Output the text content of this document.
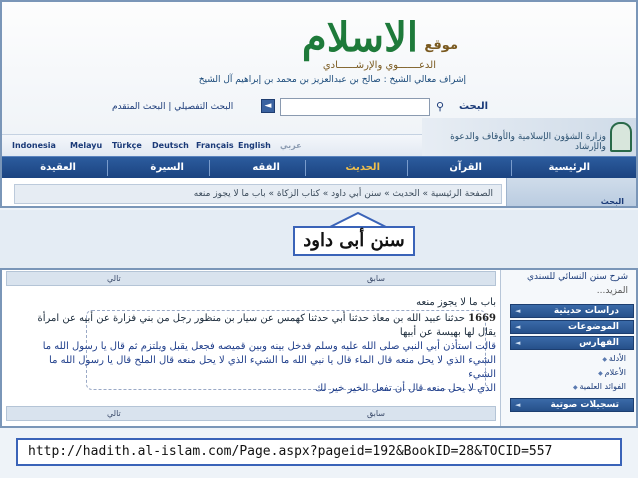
الاسلام موقع
الدعـــــــوي والإرشــــــادي
إشراف معالي الشيخ : صالح بن عبدالعزيز بن محمد بن إبراهيم آل الشيخ
البحث
⚲
◄
البحث التفصيلي | البحث المتقدم
Indonesia Melayu Türkçe Deutsch Français English عربي
وزارة الشؤون الإسلامية والأوقاف والدعوة والإرشاد
الرئيسية
القرآن
الحديث
الفقه
السيرة
العقيدة
الصفحة الرئيسية » الحديث » سنن أبي داود » كتاب الزكاة » باب ما لا يجوز منعه
البحث
سنن أبى داود
تالي	سابق
باب ما لا يجوز منعه
1669 حدثنا عبيد الله بن معاذ حدثنا أبي حدثنا كهمس عن سيار بن منظور رجل من بني فزارة عن أبيه عن امرأة يقال لها بهيسة عن أبيها
قالت استأذن أبي النبي صلى الله عليه وسلم فدخل بينه وبين قميصه فجعل يقبل ويلتزم ثم قال يا رسول الله ما
الشيء الذي لا يحل منعه قال الماء قال يا نبي الله ما الشيء الذي لا يحل منعه قال الملح قال يا رسول الله ما الشيء
الذي لا يحل منعه قال أن تفعل الخير خير لك
تالي	سابق
شرح سنن النسائي للسندي
المزيد...
◄ دراسات حديثية
◄ الموضوعات
◄ الفهارس
الأدلة ◆
الأعلام ◆
الفوائد العلمية ◆
◄ تسجيلات صوتية
http://hadith.al-islam.com/Page.aspx?pageid=192&BookID=28&TOCID=557
